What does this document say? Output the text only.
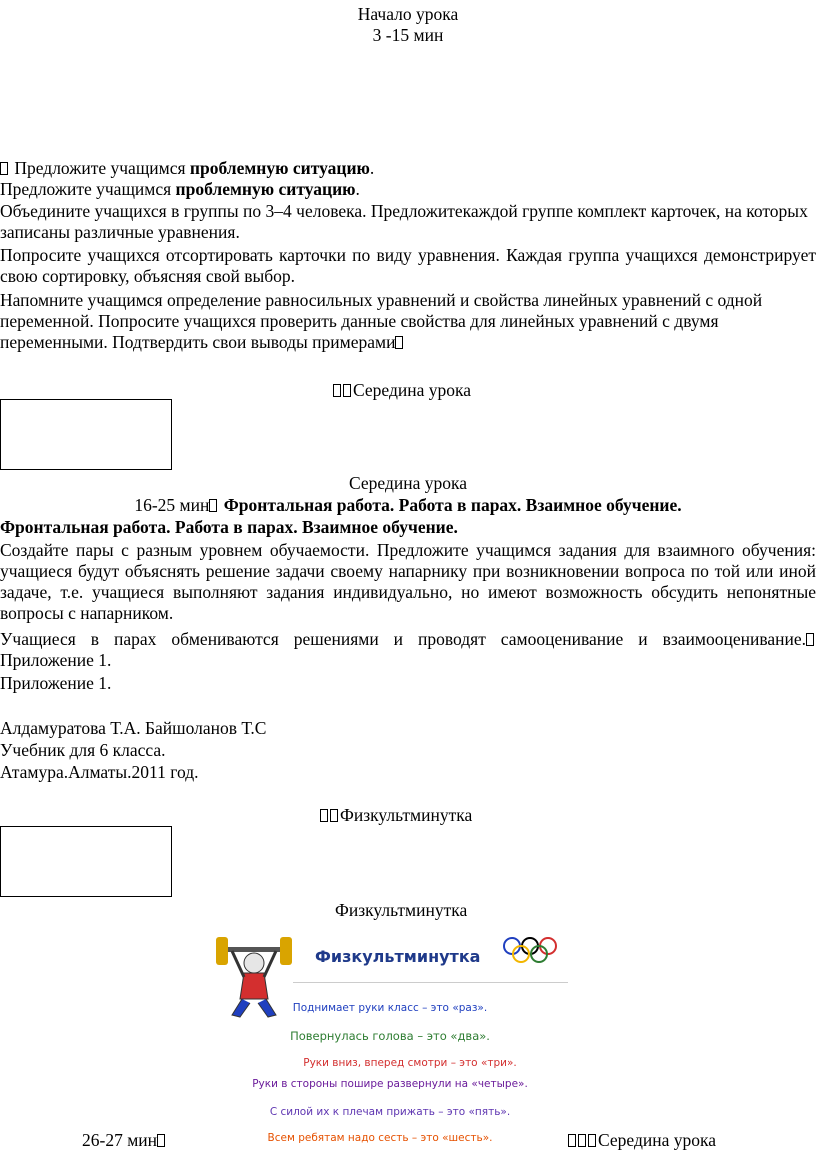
Начало урока
3 -15 мин
Предложите учащимся проблемную ситуацию.
Предложите учащимся проблемную ситуацию.
Объедините учащихся в группы по 3–4 человека. Предложитекаждой группе комплект карточек, на которых записаны различные уравнения.
Попросите учащихся отсортировать карточки по виду уравнения. Каждая группа учащихся демонстрирует свою сортировку, объясняя свой выбор.
Напомните учащимся определение равносильных уравнений и свойства линейных уравнений с одной переменной. Попросите учащихся проверить данные свойства для линейных уравнений с двумя переменными. Подтвердить свои выводы примерами
Середина урока
Середина урока
16-25 мин Фронтальная работа. Работа в парах. Взаимное обучение.
Фронтальная работа. Работа в парах. Взаимное обучение.
Создайте пары с разным уровнем обучаемости. Предложите учащимся задания для взаимного обучения: учащиеся будут объяснять решение задачи своему напарнику при возникновении вопроса по той или иной задаче, т.е. учащиеся выполняют задания индивидуально, но имеют возможность обсудить непонятные вопросы с напарником.
Учащиеся в парах обмениваются решениями и проводят самооценивание и взаимооценивание. Приложение 1.
Приложение 1.
Алдамуратова Т.А. Байшоланов Т.С
Учебник для 6 класса.
Атамура.Алматы.2011 год.
Физкультминутка
Физкультминутка
Физкультминутка
Поднимает руки класс – это «раз».
Повернулась голова – это «два».
Руки вниз, вперед смотри – это «три».
Руки в стороны пошире развернули на «четыре».
С силой их к плечам прижать – это «пять».
Всем ребятам надо сесть – это «шесть».
26-27 мин	Середина урока
